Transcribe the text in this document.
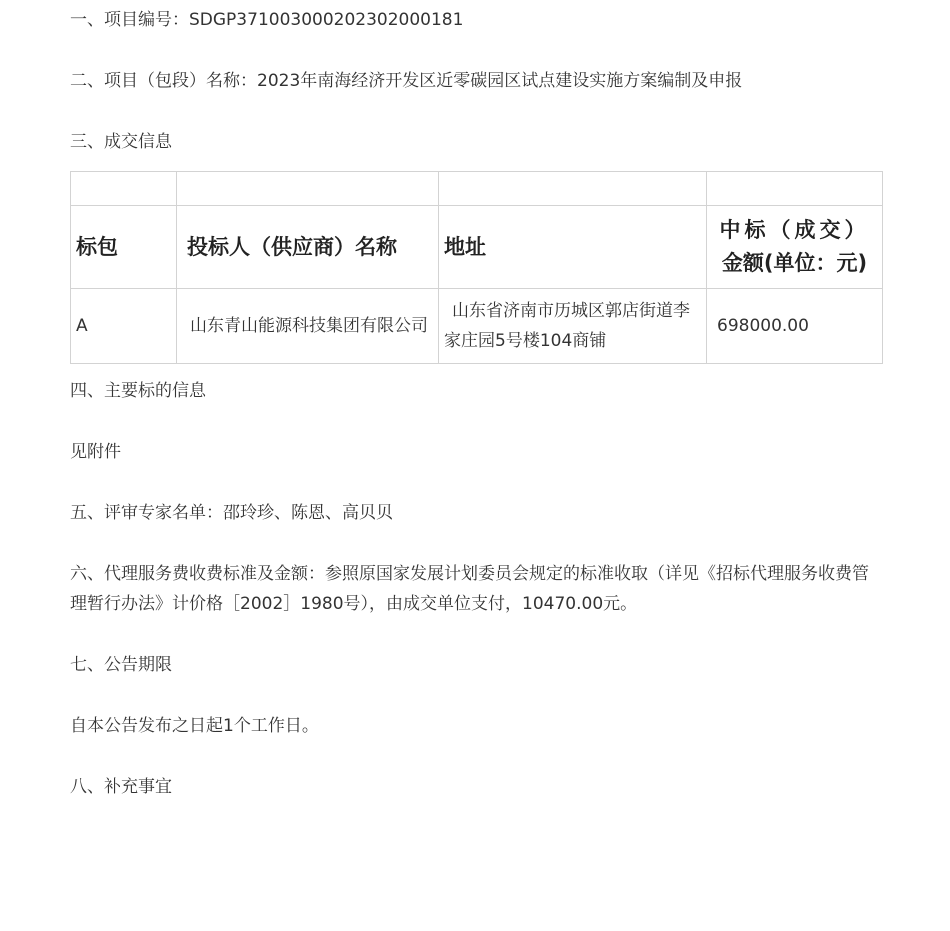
一、项目编号：SDGP371003000202302000181

二、项目（包段）名称：2023年南海经济开发区近零碳园区试点建设实施方案编制及申报

三、成交信息

标包	投标人（供应商）名称	地址	中标（成交）
金额(单位：元)

A	山东青山能源科技集团有限公司	山东省济南市历城区郭店街道李家庄园5号楼104商铺	698000.00

四、主要标的信息

见附件

五、评审专家名单：邵玲珍、陈恩、高贝贝

六、代理服务费收费标准及金额：参照原国家发展计划委员会规定的标准收取（详见《招标代理服务收费管理暂行办法》计价格［2002］1980号），由成交单位支付，10470.00元。

七、公告期限

自本公告发布之日起1个工作日。

八、补充事宜
